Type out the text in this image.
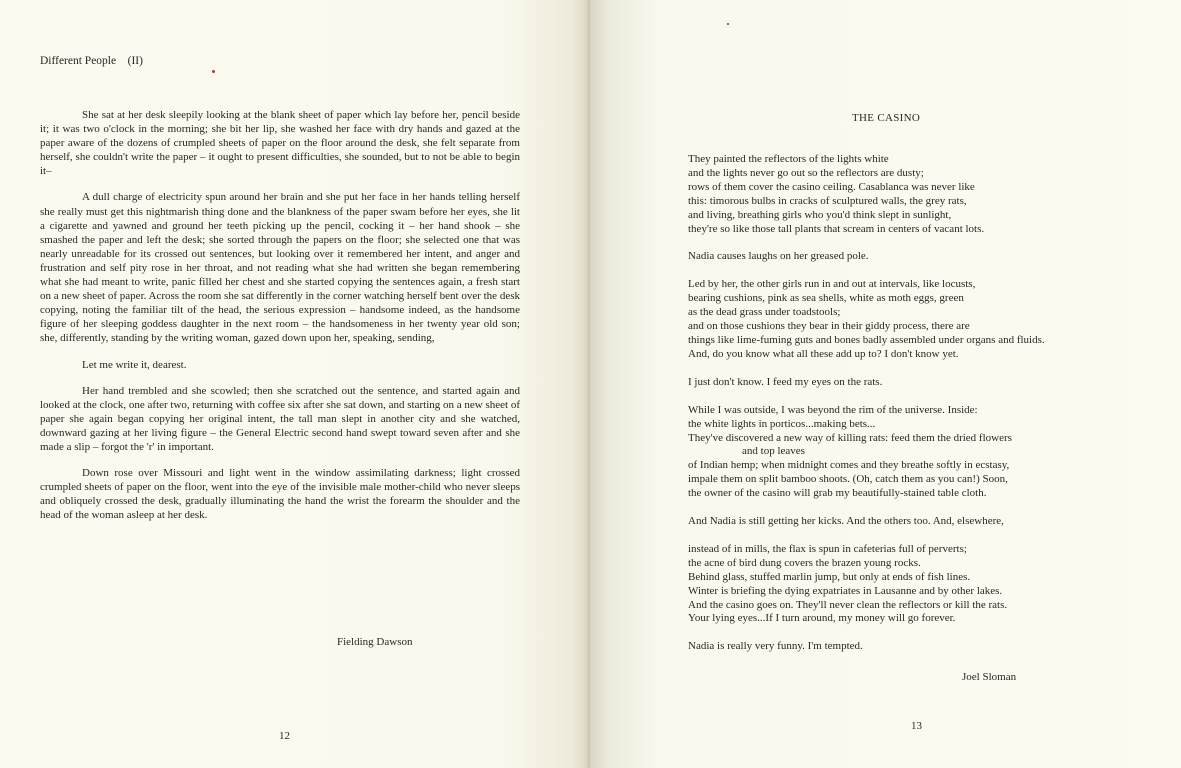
Different People    (II)

She sat at her desk sleepily looking at the blank sheet of paper which lay before her, pencil beside it; it was two o'clock in the morning; she bit her lip, she washed her face with dry hands and gazed at the paper aware of the dozens of crumpled sheets of paper on the floor around the desk, she felt separate from herself, she couldn't write the paper – it ought to present difficulties, she sounded, but to not be able to begin it–

A dull charge of electricity spun around her brain and she put her face in her hands telling herself she really must get this nightmarish thing done and the blankness of the paper swam before her eyes, she lit a cigarette and yawned and ground her teeth picking up the pencil, cocking it – her hand shook – she smashed the paper and left the desk; she sorted through the papers on the floor; she selected one that was nearly unreadable for its crossed out sentences, but looking over it remembered her intent, and anger and frustration and self pity rose in her throat, and not reading what she had written she began remembering what she had meant to write, panic filled her chest and she started copying the sentences again, a fresh start on a new sheet of paper. Across the room she sat differently in the corner watching herself bent over the desk copying, noting the familiar tilt of the head, the serious expression – handsome indeed, as the handsome figure of her sleeping goddess daughter in the next room – the handsomeness in her twenty year old son; she, differently, standing by the writing woman, gazed down upon her, speaking, sending,

Let me write it, dearest.

Her hand trembled and she scowled; then she scratched out the sentence, and started again and looked at the clock, one after two, returning with coffee six after she sat down, and starting on a new sheet of paper she again began copying her original intent, the tall man slept in another city and she watched, downward gazing at her living figure – the General Electric second hand swept toward seven after and she made a slip – forgot the 'r' in important.

Down rose over Missouri and light went in the window assimilating darkness; light crossed crumpled sheets of paper on the floor, went into the eye of the invisible male mother-child who never sleeps and obliquely crossed the desk, gradually illuminating the hand the wrist the forearm the shoulder and the head of the woman asleep at her desk.

Fielding Dawson
12
THE CASINO
They painted the reflectors of the lights white
and the lights never go out so the reflectors are dusty;
rows of them cover the casino ceiling. Casablanca was never like
this: timorous bulbs in cracks of sculptured walls, the grey rats,
and living, breathing girls who you'd think slept in sunlight,
they're so like those tall plants that scream in centers of vacant lots.
Nadia causes laughs on her greased pole.
Led by her, the other girls run in and out at intervals, like locusts,
bearing cushions, pink as sea shells, white as moth eggs, green
as the dead grass under toadstools;
and on those cushions they bear in their giddy process, there are
things like lime-fuming guts and bones badly assembled under organs and fluids.
And, do you know what all these add up to? I don't know yet.
I just don't know. I feed my eyes on the rats.
While I was outside, I was beyond the rim of the universe. Inside:
the white lights in porticos...making bets...
They've discovered a new way of killing rats: feed them the dried flowers
and top leaves
of Indian hemp; when midnight comes and they breathe softly in ecstasy,
impale them on split bamboo shoots. (Oh, catch them as you can!) Soon,
the owner of the casino will grab my beautifully-stained table cloth.
And Nadia is still getting her kicks. And the others too. And, elsewhere,
instead of in mills, the flax is spun in cafeterias full of perverts;
the acne of bird dung covers the brazen young rocks.
Behind glass, stuffed marlin jump, but only at ends of fish lines.
Winter is briefing the dying expatriates in Lausanne and by other lakes.
And the casino goes on. They'll never clean the reflectors or kill the rats.
Your lying eyes...If I turn around, my money will go forever.
Nadia is really very funny. I'm tempted.
Joel Sloman
13
